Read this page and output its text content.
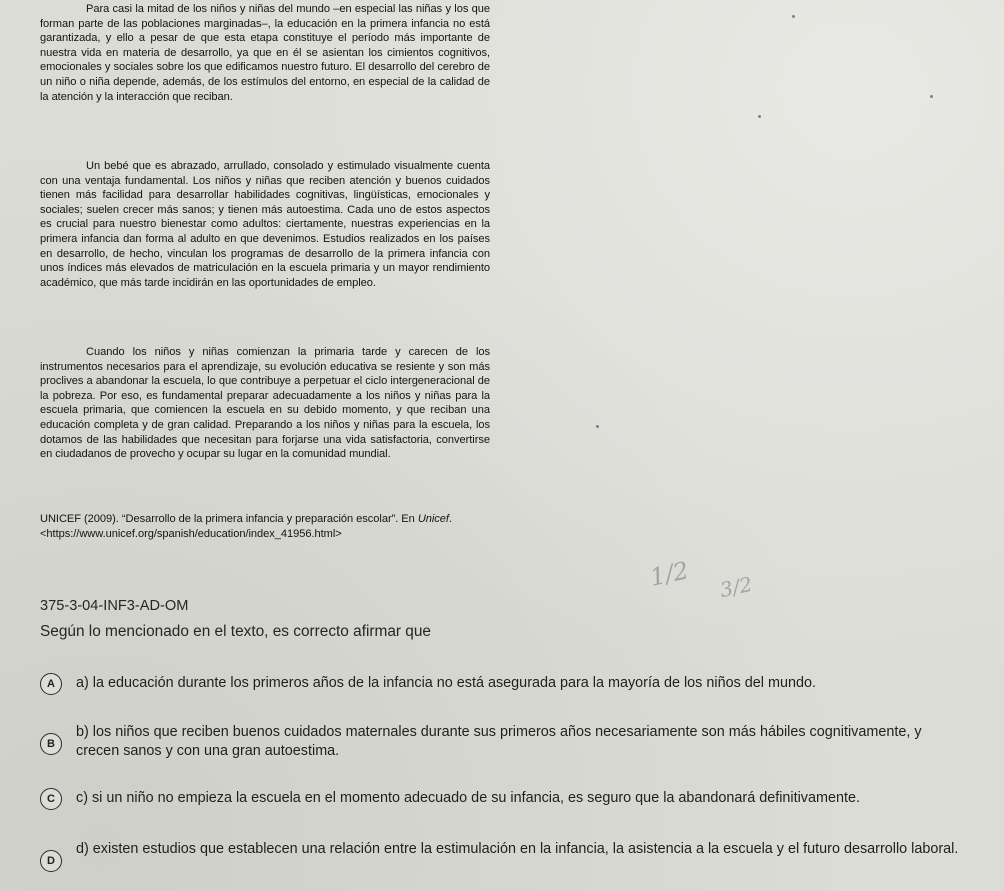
Para casi la mitad de los niños y niñas del mundo –en especial las niñas y los que forman parte de las poblaciones marginadas–, la educación en la primera infancia no está garantizada, y ello a pesar de que esta etapa constituye el período más importante de nuestra vida en materia de desarrollo, ya que en él se asientan los cimientos cognitivos, emocionales y sociales sobre los que edificamos nuestro futuro. El desarrollo del cerebro de un niño o niña depende, además, de los estímulos del entorno, en especial de la calidad de la atención y la interacción que reciban.

Un bebé que es abrazado, arrullado, consolado y estimulado visualmente cuenta con una ventaja fundamental. Los niños y niñas que reciben atención y buenos cuidados tienen más facilidad para desarrollar habilidades cognitivas, lingüísticas, emocionales y sociales; suelen crecer más sanos; y tienen más autoestima. Cada uno de estos aspectos es crucial para nuestro bienestar como adultos: ciertamente, nuestras experiencias en la primera infancia dan forma al adulto en que devenimos. Estudios realizados en los países en desarrollo, de hecho, vinculan los programas de desarrollo de la primera infancia con unos índices más elevados de matriculación en la escuela primaria y un mayor rendimiento académico, que más tarde incidirán en las oportunidades de empleo.

Cuando los niños y niñas comienzan la primaria tarde y carecen de los instrumentos necesarios para el aprendizaje, su evolución educativa se resiente y son más proclives a abandonar la escuela, lo que contribuye a perpetuar el ciclo intergeneracional de la pobreza. Por eso, es fundamental preparar adecuadamente a los niños y niñas para la escuela primaria, que comiencen la escuela en su debido momento, y que reciban una educación completa y de gran calidad. Preparando a los niños y niñas para la escuela, los dotamos de las habilidades que necesitan para forjarse una vida satisfactoria, convertirse en ciudadanos de provecho y ocupar su lugar en la comunidad mundial.

UNICEF (2009). “Desarrollo de la primera infancia y preparación escolar”. En Unicef.
<https://www.unicef.org/spanish/education/index_41956.html>
1/2 3/2
375-3-04-INF3-AD-OM
Según lo mencionado en el texto, es correcto afirmar que
A	a) la educación durante los primeros años de la infancia no está asegurada para la mayoría de los niños del mundo.
B
b) los niños que reciben buenos cuidados maternales durante sus primeros años necesariamente son más hábiles cognitivamente, y crecen sanos y con una gran autoestima.
C	c) si un niño no empieza la escuela en el momento adecuado de su infancia, es seguro que la abandonará definitivamente.
D
d) existen estudios que establecen una relación entre la estimulación en la infancia, la asistencia a la escuela y el futuro desarrollo laboral.
